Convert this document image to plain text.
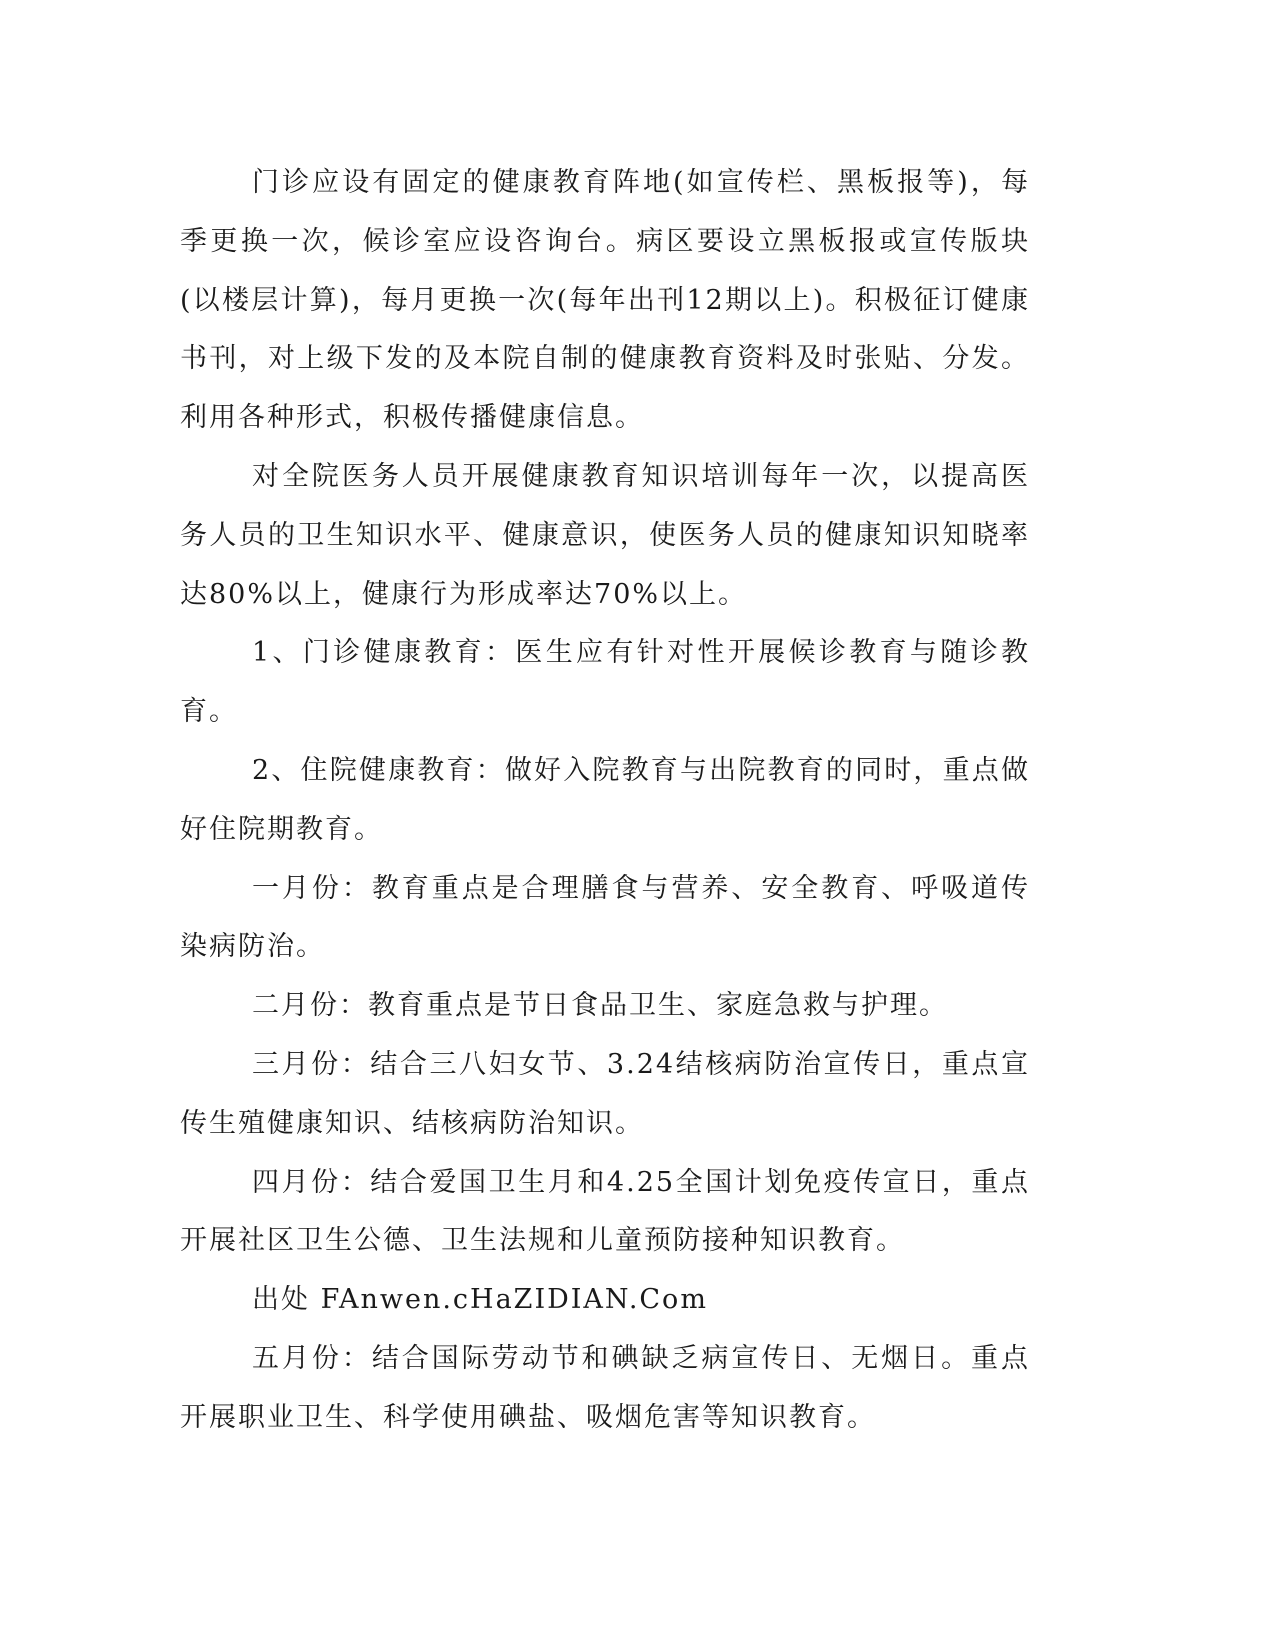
门诊应设有固定的健康教育阵地(如宣传栏、黑板报等)，每季更换一次，候诊室应设咨询台。病区要设立黑板报或宣传版块(以楼层计算)，每月更换一次(每年出刊12期以上)。积极征订健康书刊，对上级下发的及本院自制的健康教育资料及时张贴、分发。利用各种形式，积极传播健康信息。

对全院医务人员开展健康教育知识培训每年一次，以提高医务人员的卫生知识水平、健康意识，使医务人员的健康知识知晓率达80%以上，健康行为形成率达70%以上。

1、门诊健康教育：医生应有针对性开展候诊教育与随诊教育。

2、住院健康教育：做好入院教育与出院教育的同时，重点做好住院期教育。

一月份：教育重点是合理膳食与营养、安全教育、呼吸道传染病防治。

二月份：教育重点是节日食品卫生、家庭急救与护理。

三月份：结合三八妇女节、3.24结核病防治宣传日，重点宣传生殖健康知识、结核病防治知识。

四月份：结合爱国卫生月和4.25全国计划免疫传宣日，重点开展社区卫生公德、卫生法规和儿童预防接种知识教育。

出处 FAnwen.cHaZIDIAN.Com

五月份：结合国际劳动节和碘缺乏病宣传日、无烟日。重点开展职业卫生、科学使用碘盐、吸烟危害等知识教育。
